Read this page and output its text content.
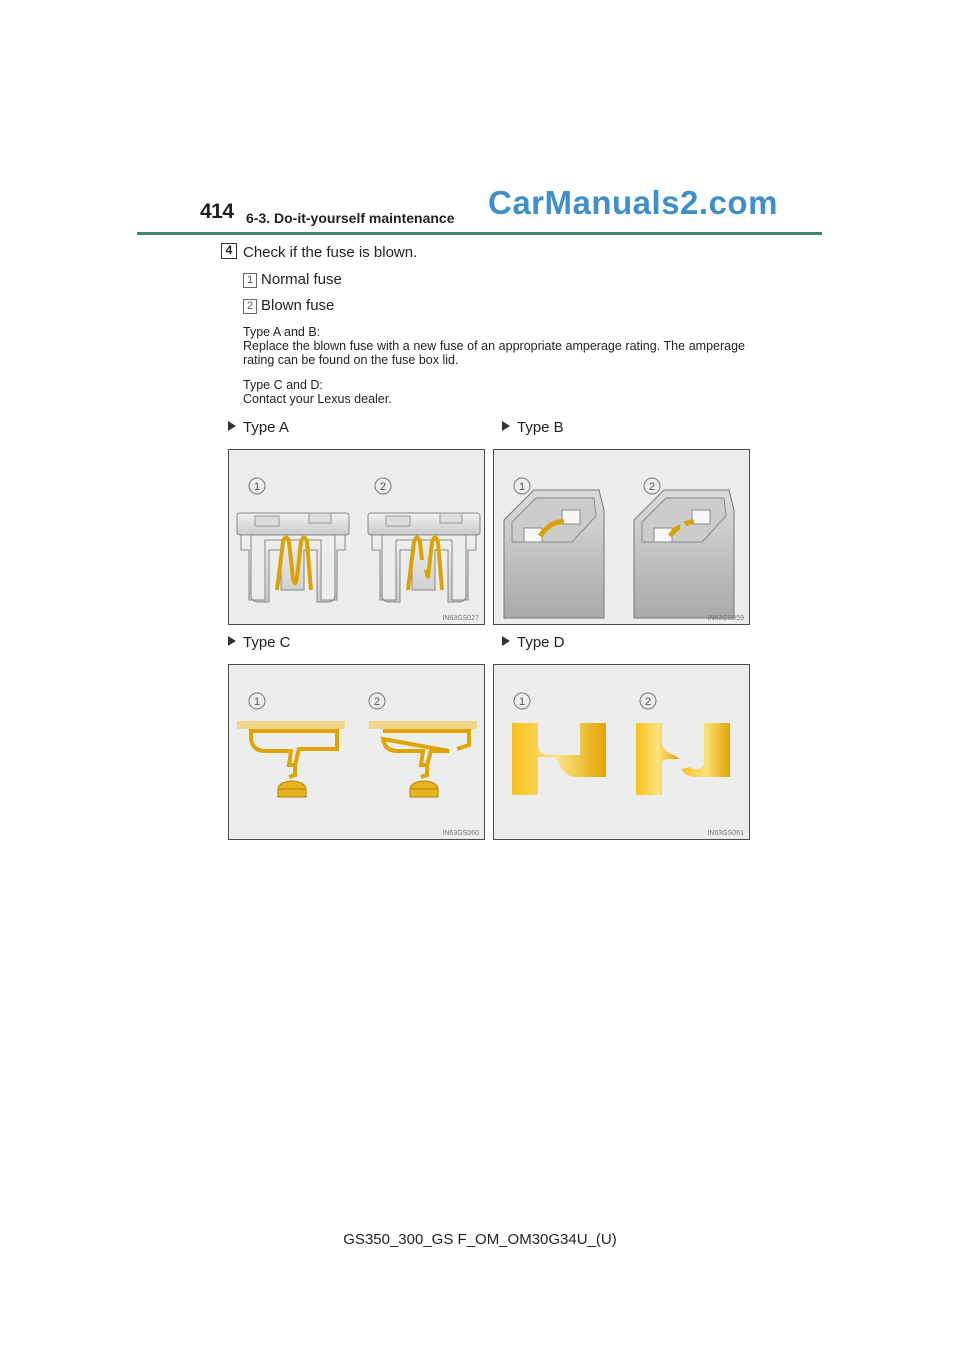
414 6-3. Do-it-yourself maintenance CarManuals2.com
4 Check if the fuse is blown.
1 Normal fuse
2 Blown fuse
Type A and B:
Replace the blown fuse with a new fuse of an appropriate amperage rating. The amperage rating can be found on the fuse box lid.
Type C and D:
Contact your Lexus dealer.
Type A	Type B
Type C	Type D
1	2
IN63GS027
1	2
IN63GS059
1	2
IN63GS060
1	2
IN63GS061
GS350_300_GS F_OM_OM30G34U_(U)
